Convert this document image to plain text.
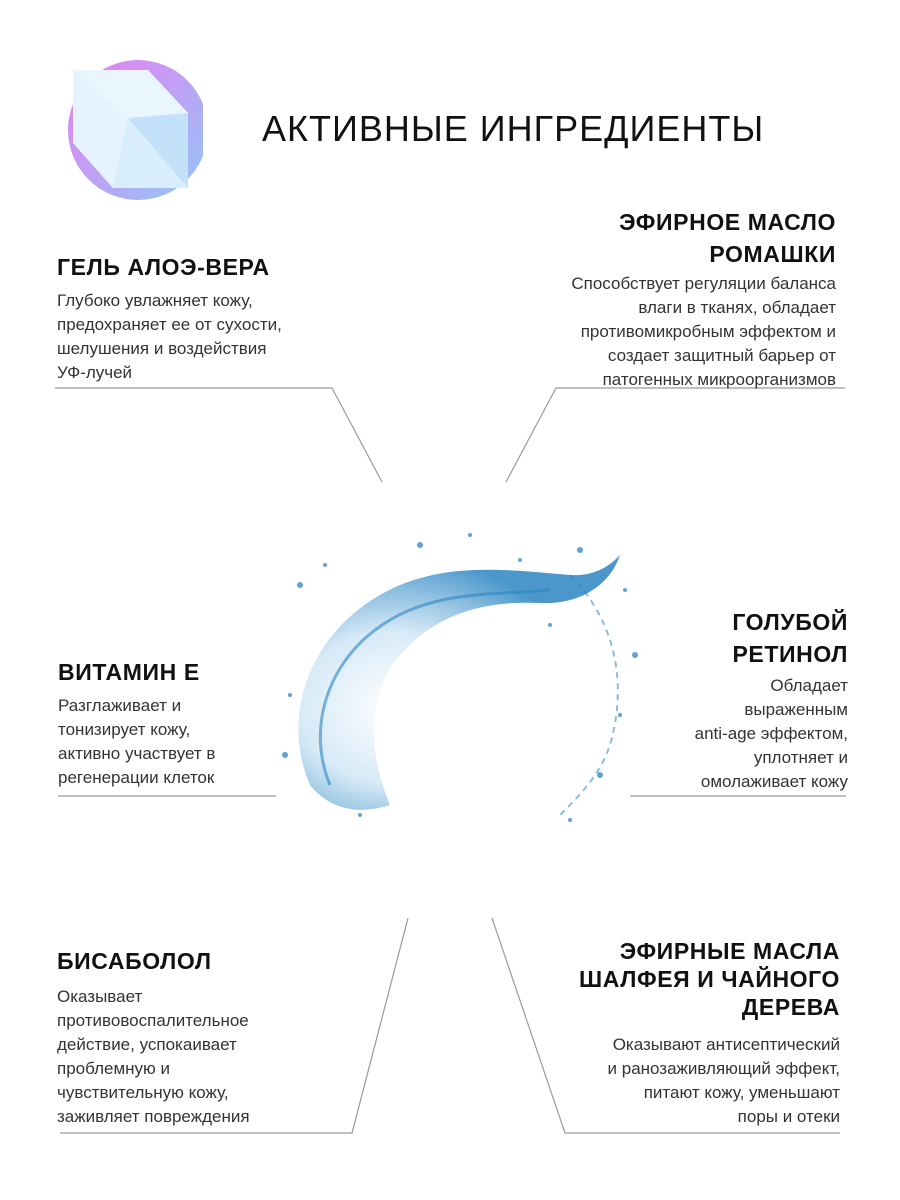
АКТИВНЫЕ ИНГРЕДИЕНТЫ
ГЕЛЬ АЛОЭ-ВЕРА

Глубоко увлажняет кожу,
предохраняет ее от сухости,
шелушения и воздействия
УФ-лучей

ЭФИРНОЕ МАСЛО
РОМАШКИ

Способствует регуляции баланса
влаги в тканях, обладает
противомикробным эффектом и
создает защитный барьер от
патогенных микроорганизмов

ВИТАМИН Е

Разглаживает и
тонизирует кожу,
активно участвует в
регенерации клеток

ГОЛУБОЙ
РЕТИНОЛ

Обладает
выраженным
anti-age эффектом,
уплотняет и
омолаживает кожу

БИСАБОЛОЛ

Оказывает
противовоспалительное
действие, успокаивает
проблемную и
чувствительную кожу,
заживляет повреждения

ЭФИРНЫЕ МАСЛА
ШАЛФЕЯ И ЧАЙНОГО
ДЕРЕВА

Оказывают антисептический
и ранозаживляющий эффект,
питают кожу, уменьшают
поры и отеки
